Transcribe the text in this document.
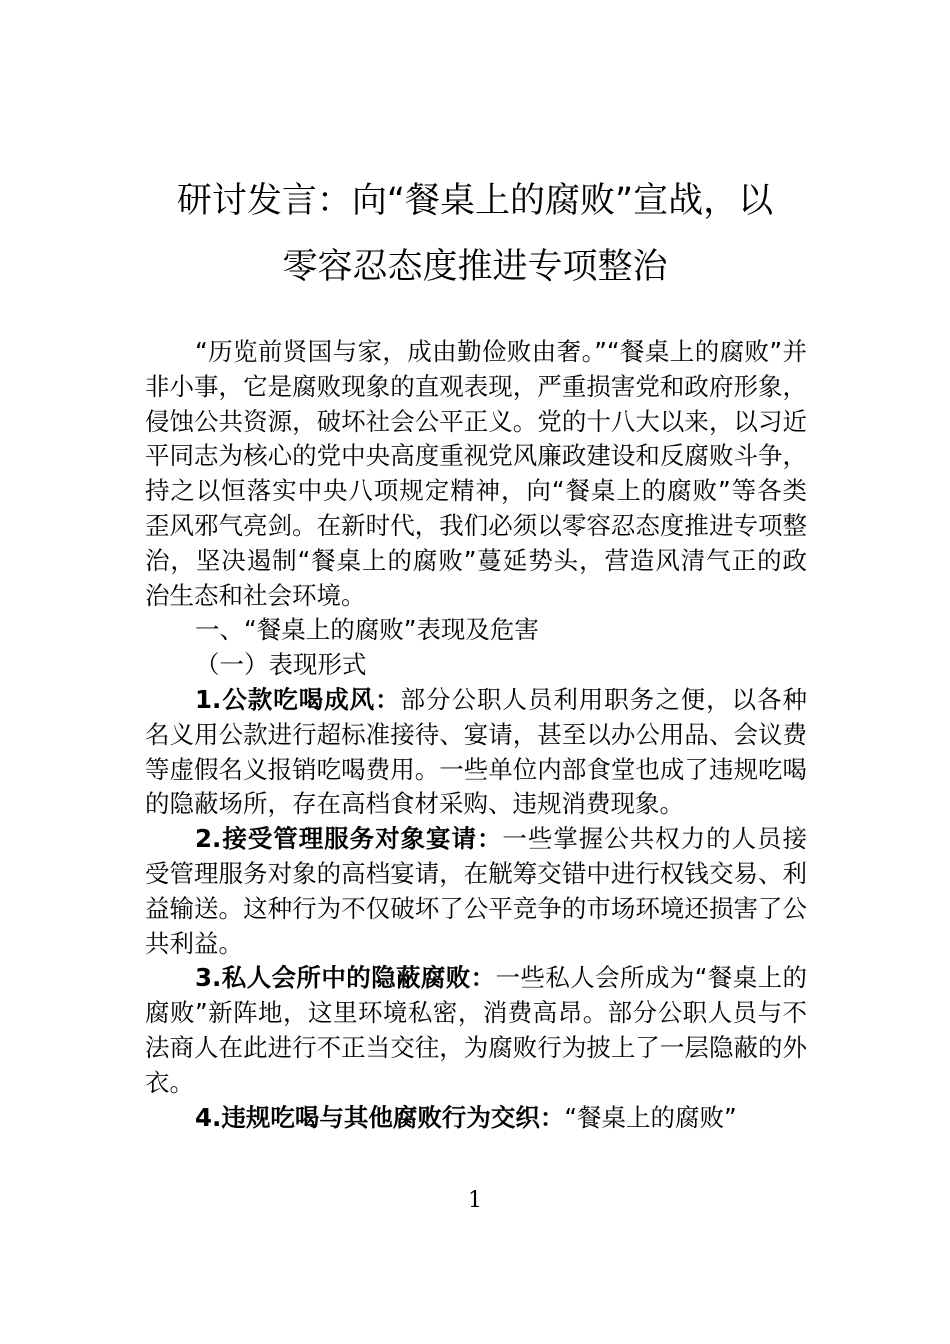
研讨发言：向“餐桌上的腐败”宣战，以
零容忍态度推进专项整治

“历览前贤国与家，成由勤俭败由奢。”“餐桌上的腐败”并非小事，它是腐败现象的直观表现，严重损害党和政府形象，侵蚀公共资源，破坏社会公平正义。党的十八大以来，以习近平同志为核心的党中央高度重视党风廉政建设和反腐败斗争，持之以恒落实中央八项规定精神，向“餐桌上的腐败”等各类歪风邪气亮剑。在新时代，我们必须以零容忍态度推进专项整治，坚决遏制“餐桌上的腐败”蔓延势头，营造风清气正的政治生态和社会环境。

一、“餐桌上的腐败”表现及危害

（一）表现形式

1.公款吃喝成风：部分公职人员利用职务之便，以各种名义用公款进行超标准接待、宴请，甚至以办公用品、会议费等虚假名义报销吃喝费用。一些单位内部食堂也成了违规吃喝的隐蔽场所，存在高档食材采购、违规消费现象。

2.接受管理服务对象宴请：一些掌握公共权力的人员接受管理服务对象的高档宴请，在觥筹交错中进行权钱交易、利益输送。这种行为不仅破坏了公平竞争的市场环境还损害了公共利益。

3.私人会所中的隐蔽腐败：一些私人会所成为“餐桌上的腐败”新阵地，这里环境私密，消费高昂。部分公职人员与不法商人在此进行不正当交往，为腐败行为披上了一层隐蔽的外衣。

4.违规吃喝与其他腐败行为交织：“餐桌上的腐败”

1
